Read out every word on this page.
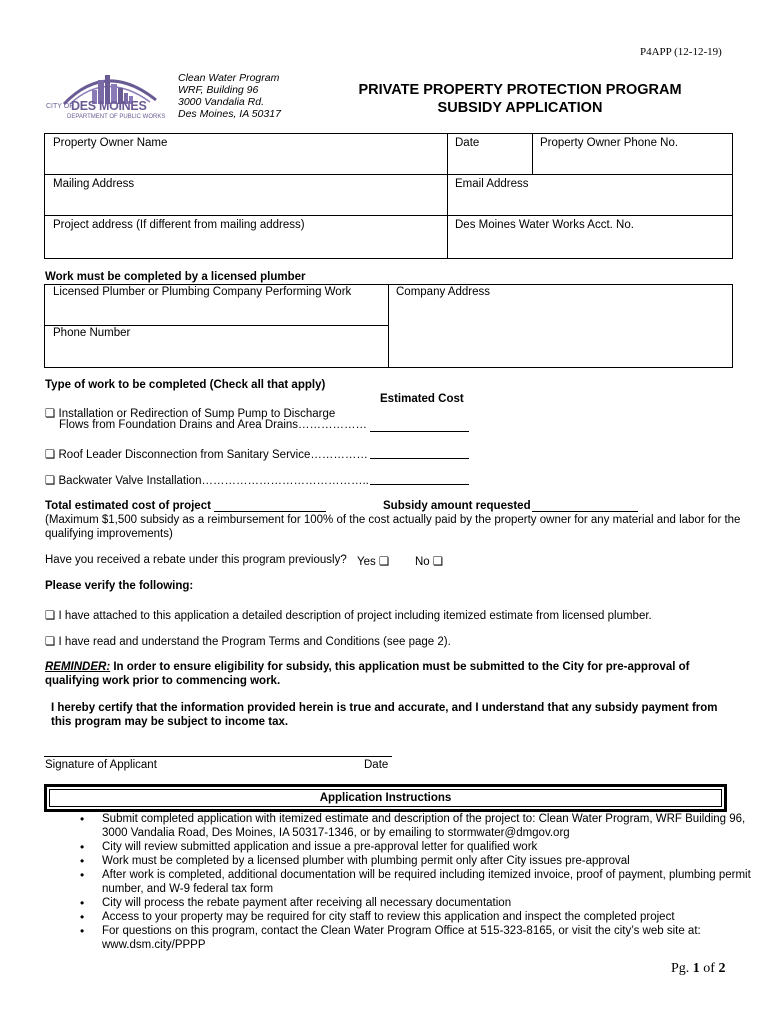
P4APP (12-12-19)
CITY OF
DES MOINES
DEPARTMENT OF PUBLIC WORKS
Clean Water Program
WRF, Building 96
3000 Vandalia Rd.
Des Moines, IA 50317
PRIVATE PROPERTY PROTECTION PROGRAM
SUBSIDY APPLICATION
Property Owner Name	Date	Property Owner Phone No.
Mailing Address	Email Address
Project address (If different from mailing address)	Des Moines Water Works Acct. No.
Work must be completed by a licensed plumber
Licensed Plumber or Plumbing Company Performing Work	Company Address
Phone Number
Type of work to be completed (Check all that apply)
Estimated Cost
❏ Installation or Redirection of Sump Pump to Discharge
Flows from Foundation Drains and Area Drains………………
❏ Roof Leader Disconnection from Sanitary Service……………
❏ Backwater Valve Installation……………………………………..
Total estimated cost of project	Subsidy amount requested
(Maximum $1,500 subsidy as a reimbursement for 100% of the cost actually paid by the property owner for any material and labor for the qualifying improvements)
Have you received a rebate under this program previously? Yes ❏ No ❏
Please verify the following:
❏ I have attached to this application a detailed description of project including itemized estimate from licensed plumber.
❏ I have read and understand the Program Terms and Conditions (see page 2).
REMINDER: In order to ensure eligibility for subsidy, this application must be submitted to the City for pre-approval of qualifying work prior to commencing work.
I hereby certify that the information provided herein is true and accurate, and I understand that any subsidy payment from this program may be subject to income tax.
Signature of Applicant	Date
Application Instructions
• Submit completed application with itemized estimate and description of the project to: Clean Water Program, WRF Building 96, 3000 Vandalia Road, Des Moines, IA 50317-1346, or by emailing to stormwater@dmgov.org
• City will review submitted application and issue a pre-approval letter for qualified work
• Work must be completed by a licensed plumber with plumbing permit only after City issues pre-approval
• After work is completed, additional documentation will be required including itemized invoice, proof of payment, plumbing permit number, and W-9 federal tax form
• City will process the rebate payment after receiving all necessary documentation
• Access to your property may be required for city staff to review this application and inspect the completed project
• For questions on this program, contact the Clean Water Program Office at 515-323-8165, or visit the city’s web site at: www.dsm.city/PPPP
Pg. 1 of 2
